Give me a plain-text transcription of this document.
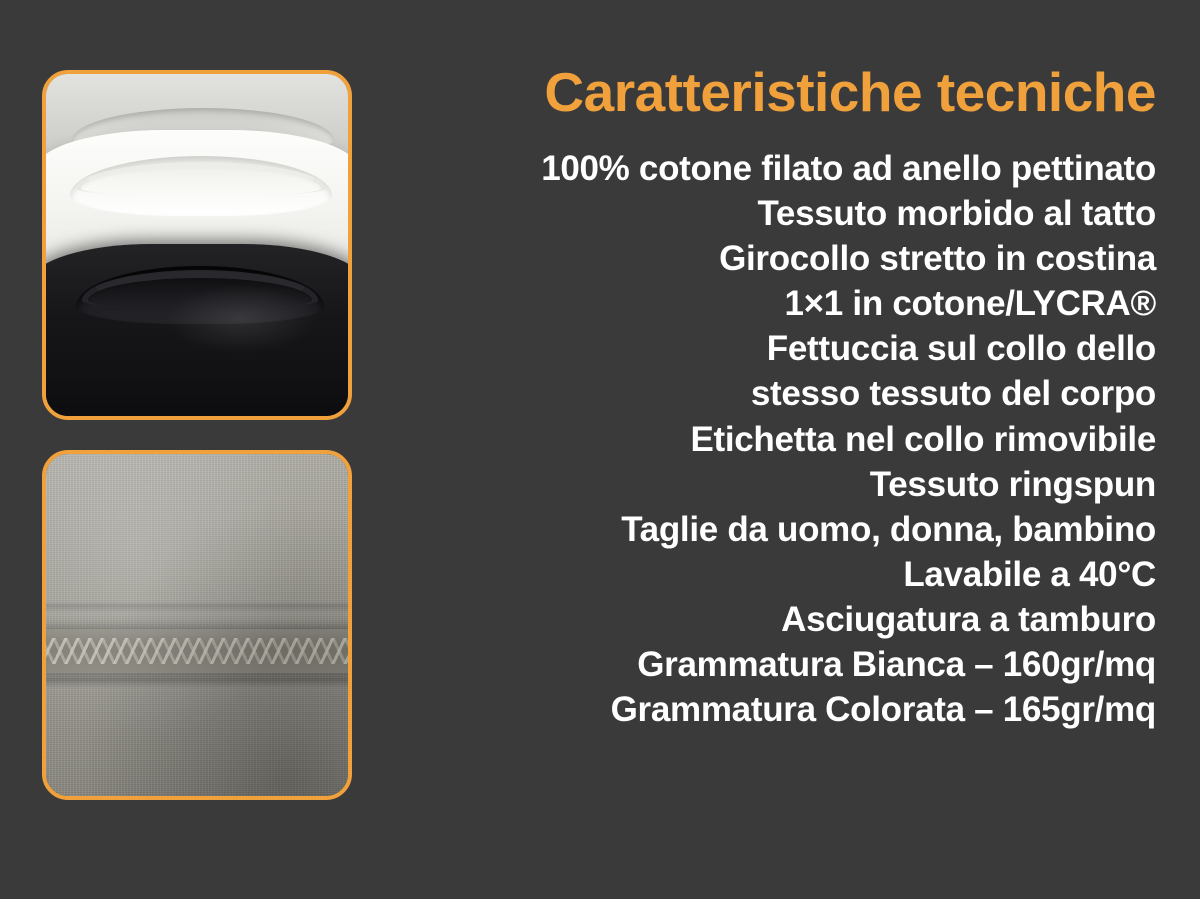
Caratteristiche tecniche
100% cotone filato ad anello pettinato
Tessuto morbido al tatto
Girocollo stretto in costina
1×1 in cotone/LYCRA®
Fettuccia sul collo dello
stesso tessuto del corpo
Etichetta nel collo rimovibile
Tessuto ringspun
Taglie da uomo, donna, bambino
Lavabile a 40°C
Asciugatura a tamburo
Grammatura Bianca – 160gr/mq
Grammatura Colorata – 165gr/mq
